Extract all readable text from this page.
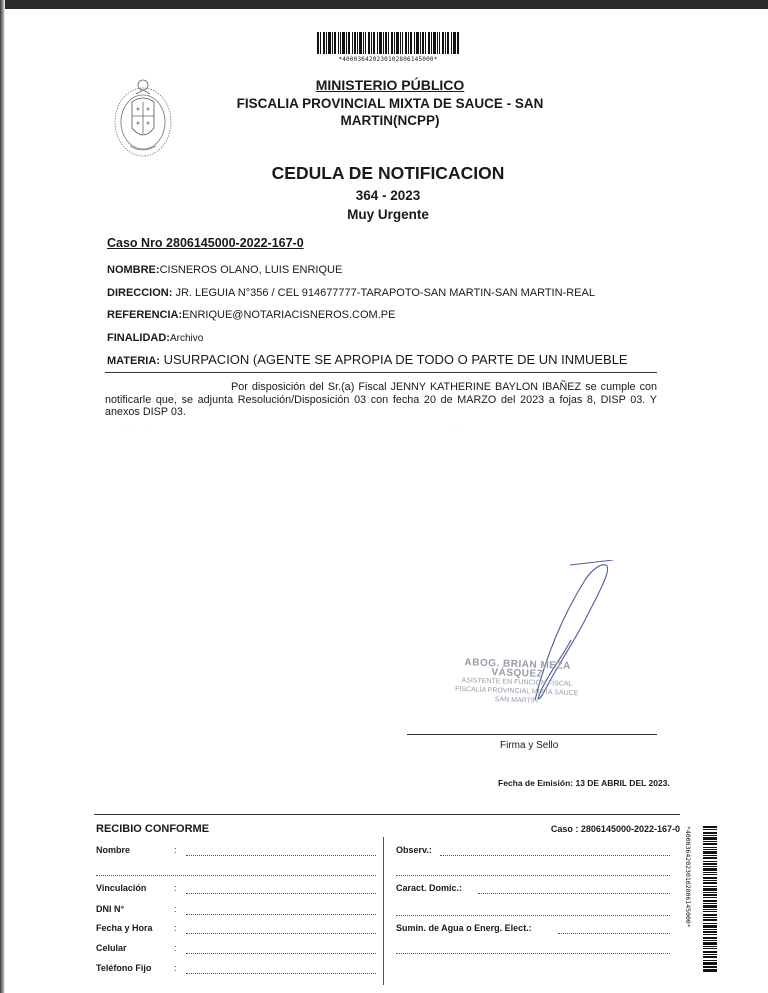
*400036420230102806145000*
MINISTERIO PÚBLICO
FISCALIA PROVINCIAL MIXTA DE SAUCE - SAN MARTIN(NCPP)
CEDULA DE NOTIFICACION
364 - 2023
Muy Urgente
Caso Nro 2806145000-2022-167-0
NOMBRE:CISNEROS OLANO, LUIS ENRIQUE
DIRECCION: JR. LEGUIA N°356 / CEL 914677777-TARAPOTO-SAN MARTIN-SAN MARTIN-REAL
REFERENCIA:ENRIQUE@NOTARIACISNEROS.COM.PE
FINALIDAD:Archivo
MATERIA: USURPACION (AGENTE SE APROPIA DE TODO O PARTE DE UN INMUEBLE
Por disposición del Sr.(a) Fiscal JENNY KATHERINE BAYLON IBAÑEZ se cumple con notificarle que, se adjunta Resolución/Disposición 03 con fecha 20 de MARZO del 2023 a fojas 8, DISP 03. Y anexos DISP 03.
· · ·	· ·
ABOG. BRIAN MEZA VÁSQUEZ
ASISTENTE EN FUNCIÓN FISCAL
FISCALÍA PROVINCIAL MIXTA SAUCE
SAN MARTÍN
Firma y Sello
Fecha de Emisión: 13 DE ABRIL DEL 2023.
RECIBIO CONFORME	Caso : 2806145000-2022-167-0
Nombre	:
Vinculación	:
DNI N°	:
Fecha y Hora :
Celular	:
Teléfono Fijo	:
Observ.:
Caract. Domic.:
Sumin. de Agua o Energ. Elect.:
*400036420230102806145000*
